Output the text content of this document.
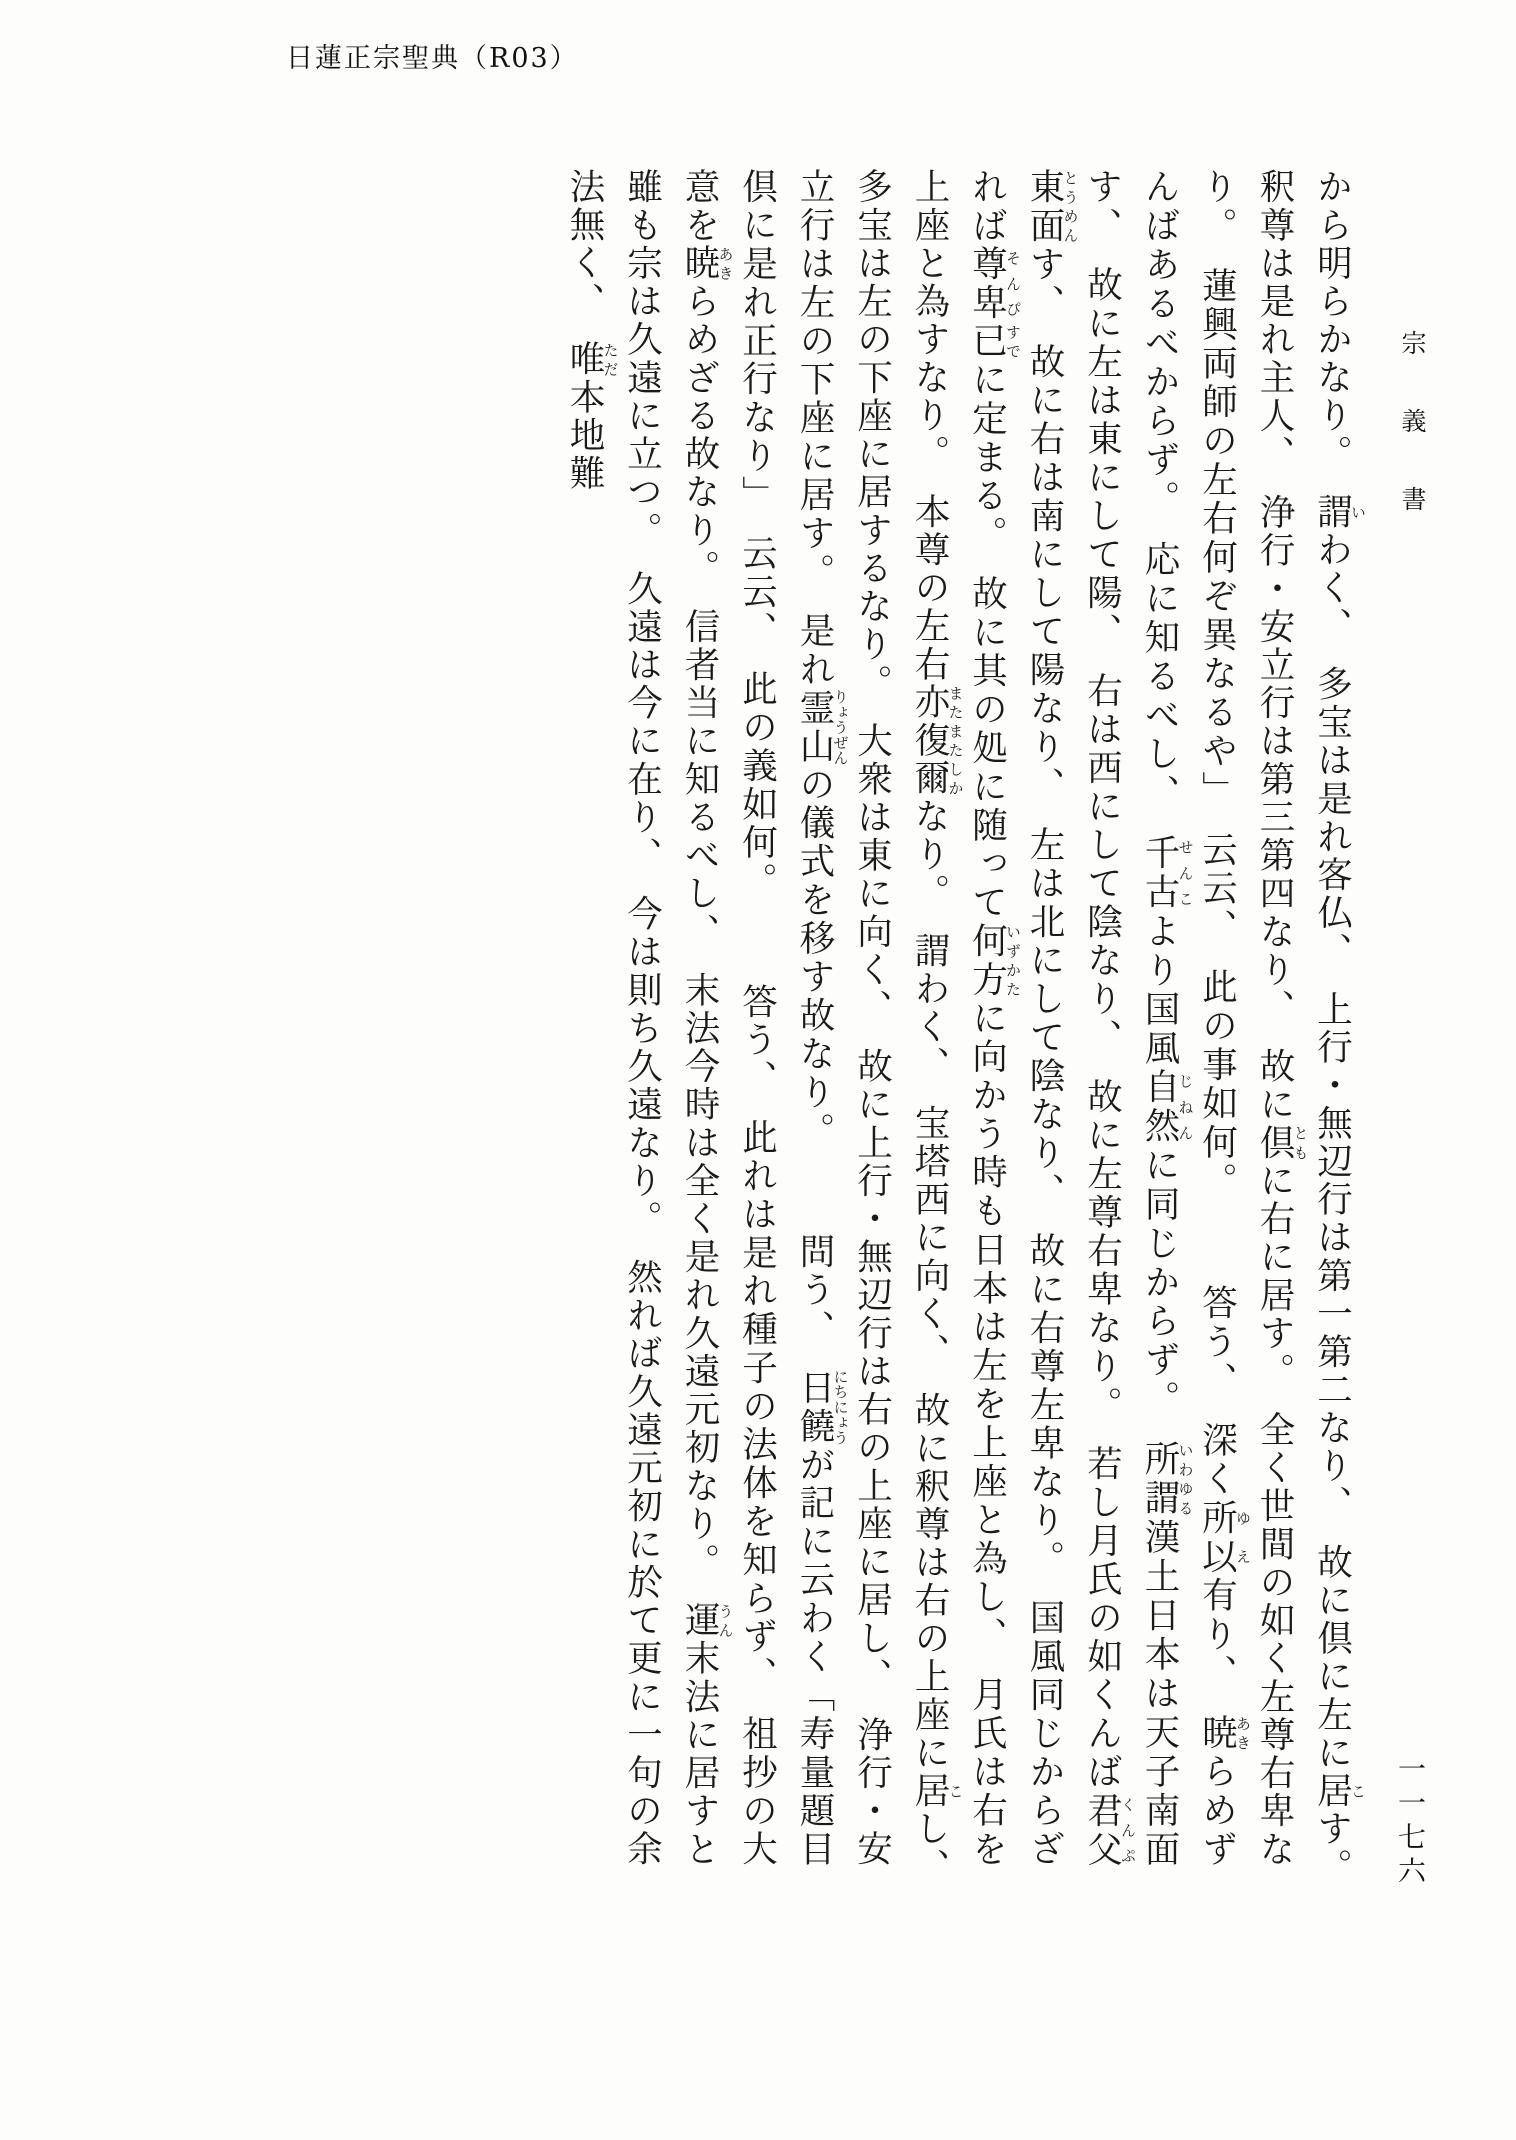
日蓮正宗聖典（R03）
宗　義　書
一一七六

から明らかなり。　謂いわく、　多宝は是れ客仏、　上行・無辺行は第一第二なり、　故に倶に左に居こす。　釈尊は是れ主人、　浄行・安立行は第三第四なり、　故に倶ともに右に居す。　全く世間の如く左尊右卑なり。　蓮興両師の左右何ぞ異なるや」　云云、　此の事如何。

　答う、　深く所以ゆえ有り、　暁あきらめずんばあるべからず。　応に知るべし、　千古せんこより国風自然じねんに同じからず。　所謂いわゆる漢土日本は天子南面す、　故に左は東にして陽、　右は西にして陰なり、　故に左尊右卑なり。　若し月氏の如くんば君父くんぷ東面とうめんす、　故に右は南にして陽なり、　左は北にして陰なり、　故に右尊左卑なり。　国風同じからざれば尊卑そんぴ已すでに定まる。　故に其の処に随って何方いずかたに向かう時も日本は左を上座と為し、　月氏は右を上座と為すなり。　本尊の左右亦復またまた爾しかなり。　謂わく、　宝塔西に向く、　故に釈尊は右の上座に居こし、　多宝は左の下座に居するなり。　大衆は東に向く、　故に上行・無辺行は右の上座に居し、　浄行・安立行は左の下座に居す。　是れ霊山りょうぜんの儀式を移す故なり。

　問う、　日饒にちにょうが記に云わく「寿量題目倶に是れ正行なり」　云云、　此の義如何。

　答う、　此れは是れ種子の法体を知らず、　祖抄の大意を暁あきらめざる故なり。　信者当に知るべし、　末法今時は全く是れ久遠元初なり。　運うん末法に居すと雖も宗は久遠に立つ。　久遠は今に在り、　今は則ち久遠なり。　然れば久遠元初に於て更に一句の余法無く、　唯ただ本地難
